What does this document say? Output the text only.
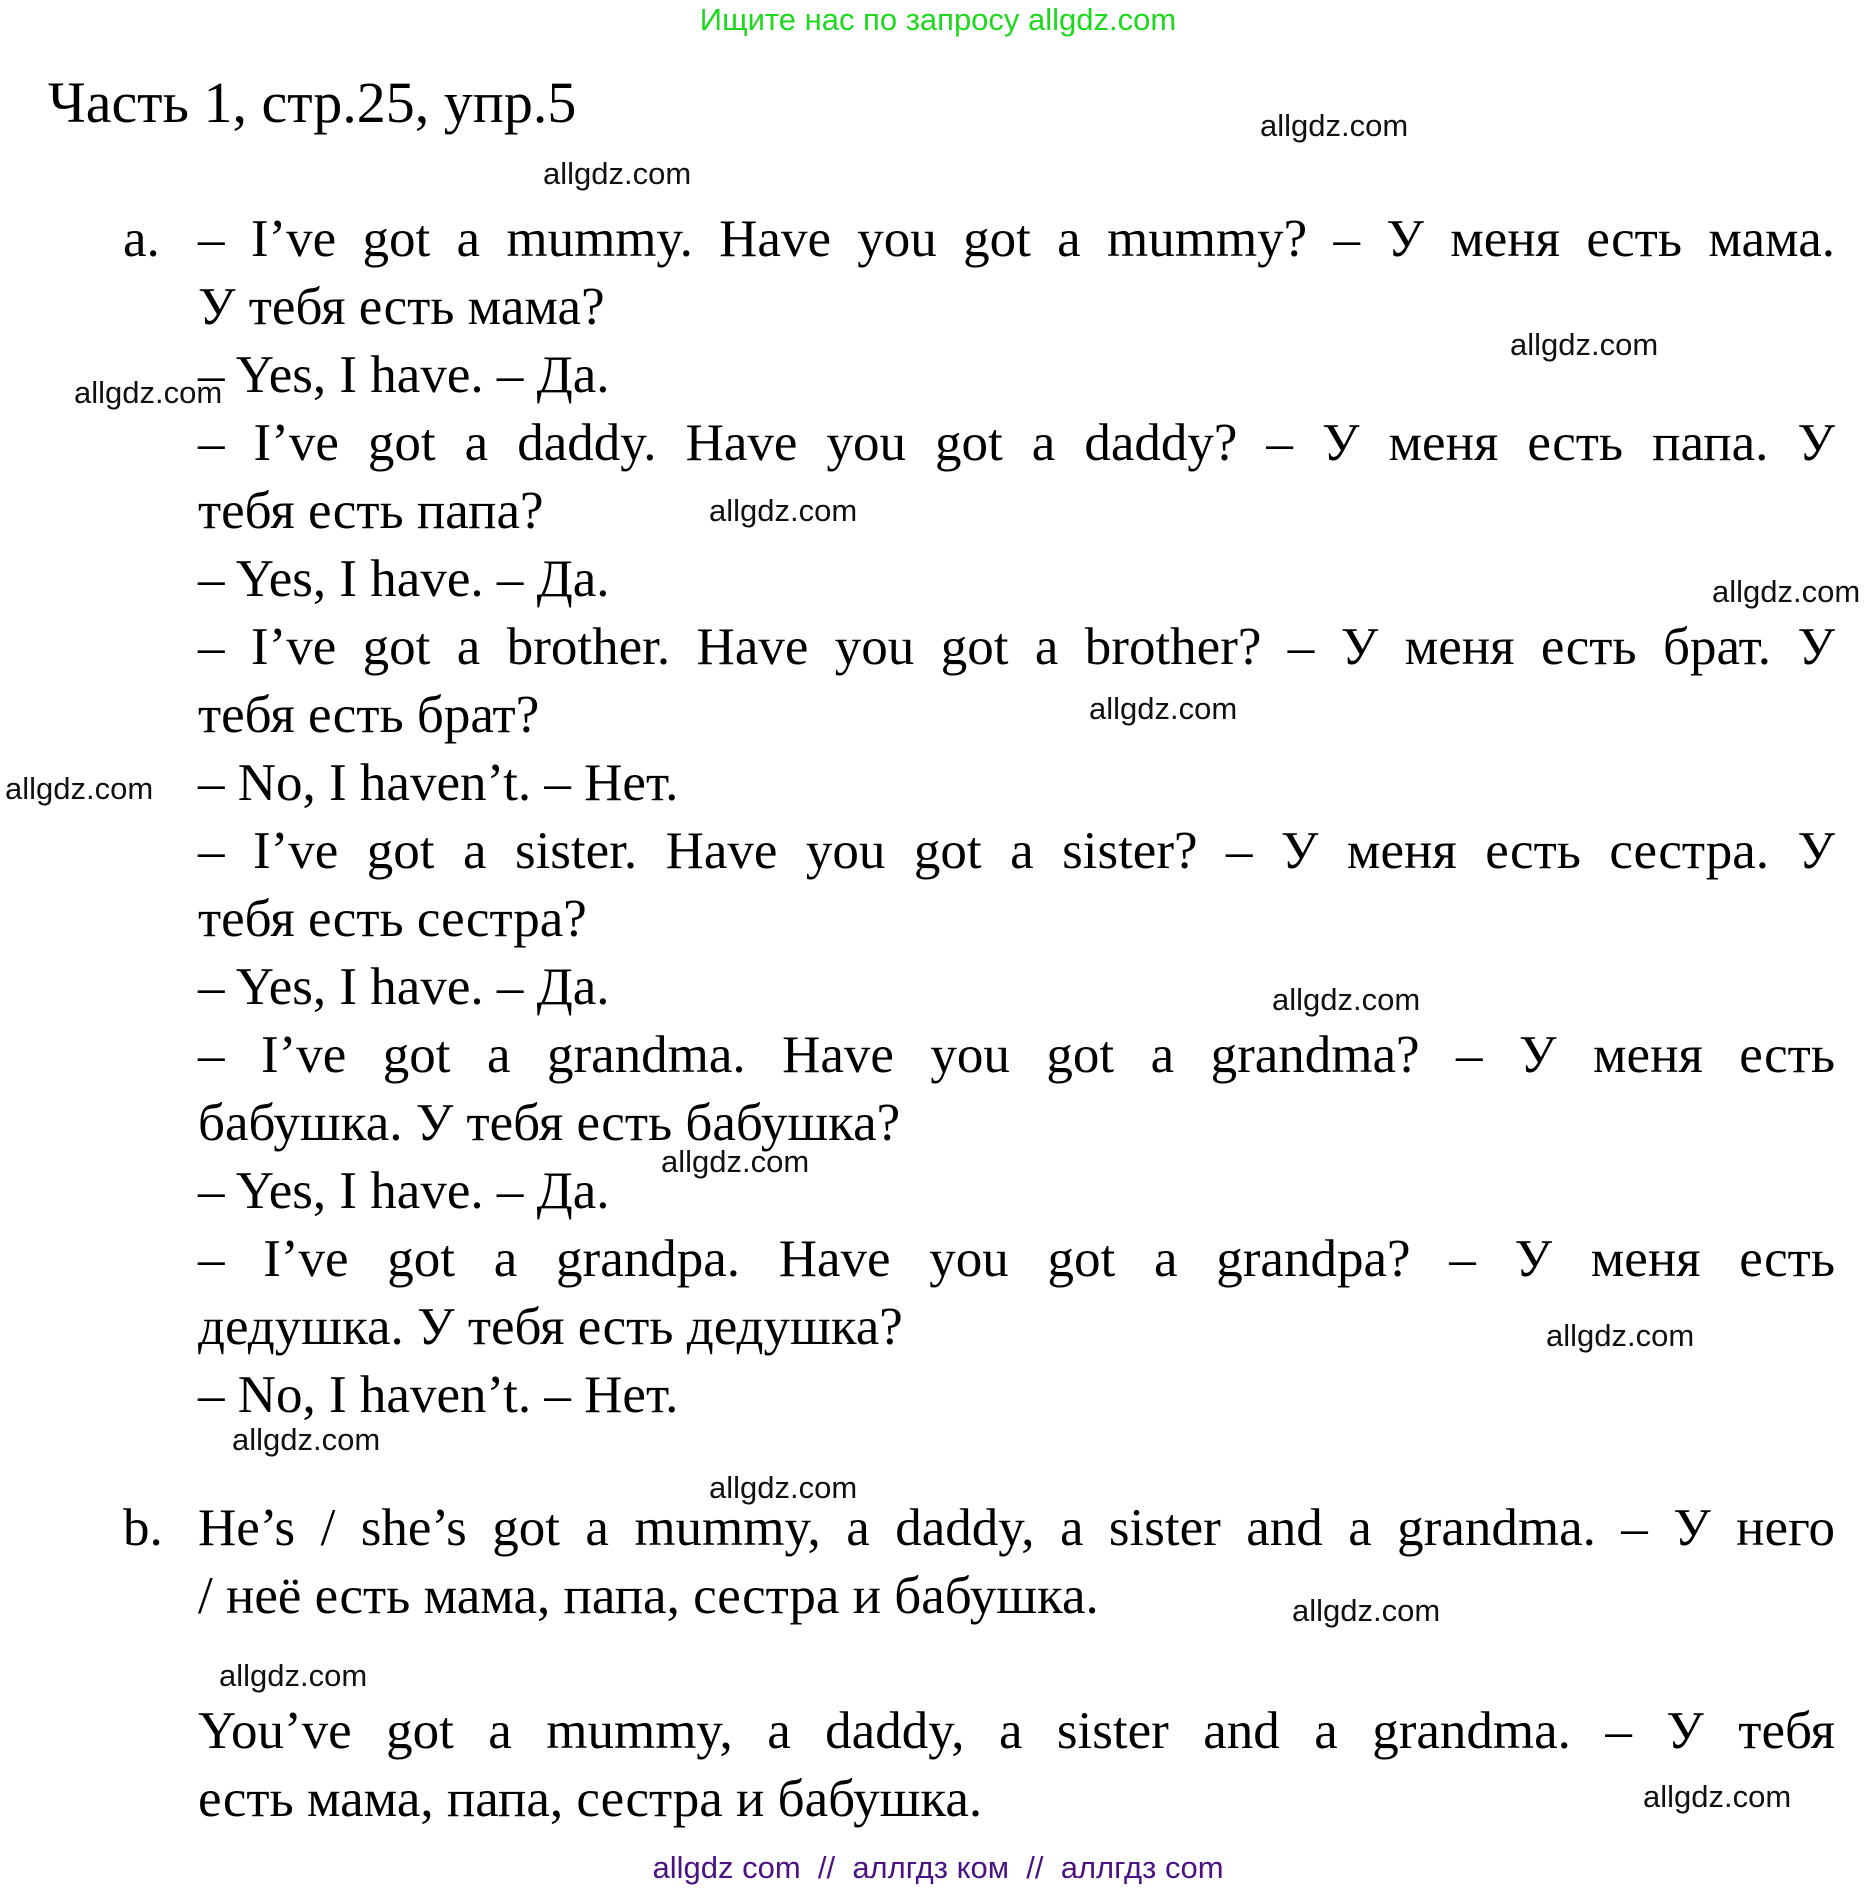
Ищите нас по запросу allgdz.com
Часть 1, стр.25, упр.5
a. – I’ve got a mummy. Have you got a mummy? – У меня есть мама.
У тебя есть мама?
– Yes, I have. – Да.
– I’ve got a daddy. Have you got a daddy? – У меня есть папа. У
тебя есть папа?
– Yes, I have. – Да.
– I’ve got a brother. Have you got a brother? – У меня есть брат. У
тебя есть брат?
– No, I haven’t. – Нет.
– I’ve got a sister. Have you got a sister? – У меня есть сестра. У
тебя есть сестра?
– Yes, I have. – Да.
– I’ve got a grandma. Have you got a grandma? – У меня есть
бабушка. У тебя есть бабушка?
– Yes, I have. – Да.
– I’ve got a grandpa. Have you got a grandpa? – У меня есть
дедушка. У тебя есть дедушка?
– No, I haven’t. – Нет.
b. He’s / she’s got a mummy, a daddy, a sister and a grandma. – У него
/ неё есть мама, папа, сестра и бабушка.
You’ve got a mummy, a daddy, a sister and a grandma. – У тебя
есть мама, папа, сестра и бабушка.
allgdz.com
allgdz.com
allgdz.com
allgdz.com
allgdz.com
allgdz.com
allgdz.com
allgdz.com
allgdz.com
allgdz.com
allgdz.com
allgdz.com
allgdz.com
allgdz.com
allgdz.com
allgdz.com
allgdz com  //  аллгдз ком  //  аллгдз com
